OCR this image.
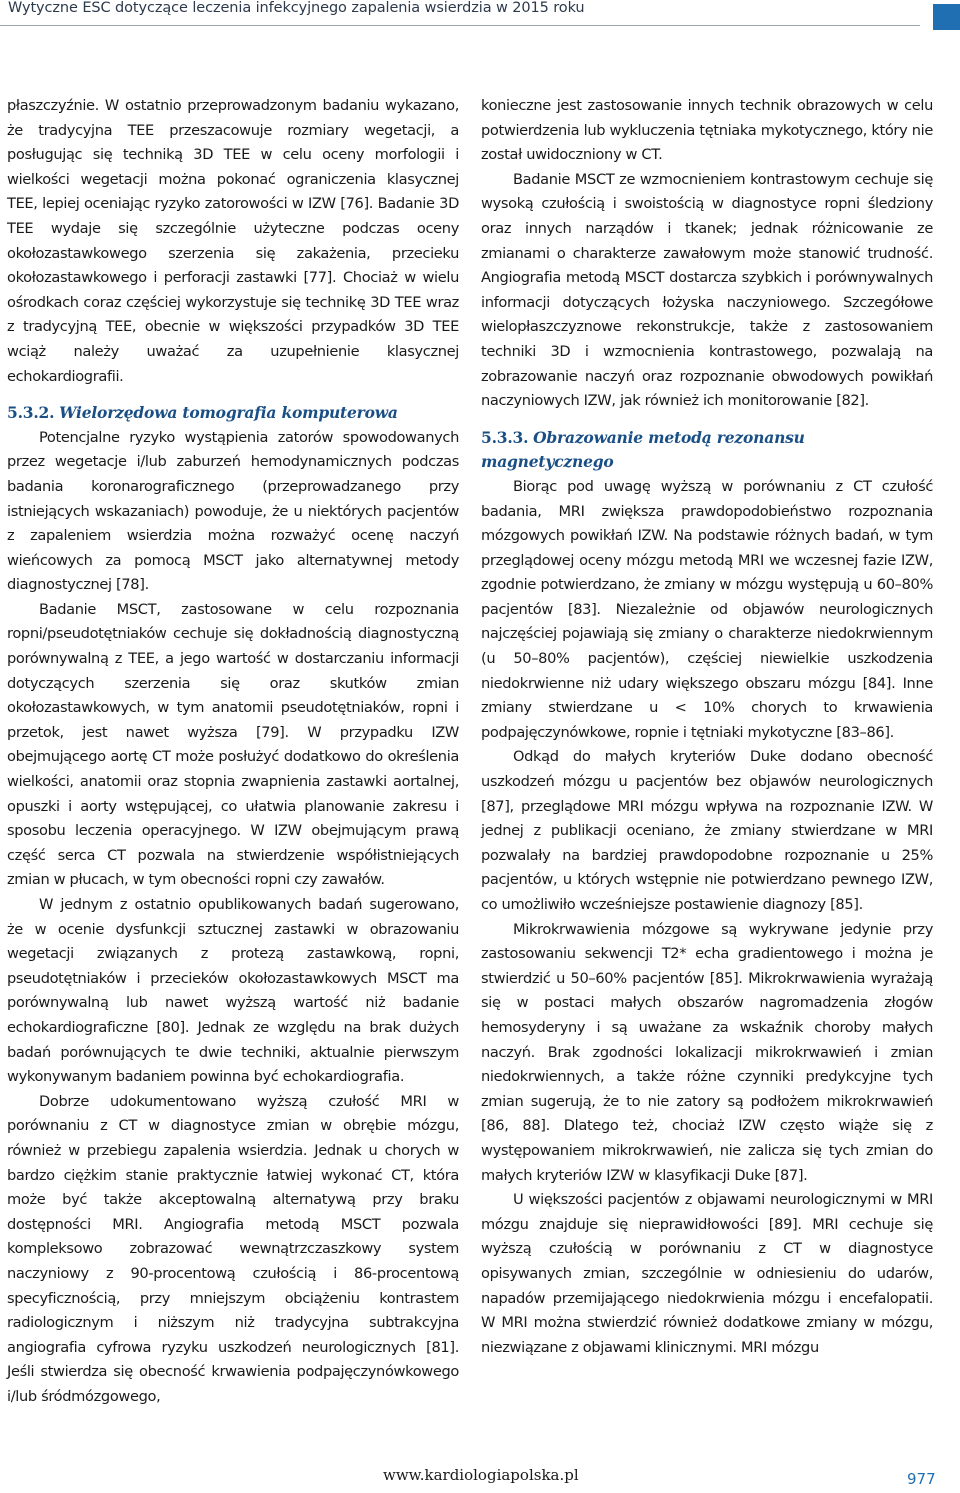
Wytyczne ESC dotyczące leczenia infekcyjnego zapalenia wsierdzia w 2015 roku

płaszczyźnie. W ostatnio przeprowadzonym badaniu wykazano, że tradycyjna TEE przeszacowuje rozmiary wegetacji, a posługując się techniką 3D TEE w celu oceny morfologii i wielkości wegetacji można pokonać ograniczenia klasycznej TEE, lepiej oceniając ryzyko zatorowości w IZW [76]. Badanie 3D TEE wydaje się szczególnie użyteczne podczas oceny okołozastawkowego szerzenia się zakażenia, przecieku okołozastawkowego i perforacji zastawki [77]. Chociaż w wielu ośrodkach coraz częściej wykorzystuje się technikę 3D TEE wraz z tradycyjną TEE, obecnie w większości przypadków 3D TEE wciąż należy uważać za uzupełnienie klasycznej echokardiografii.

5.3.2. Wielorzędowa tomografia komputerowa

Potencjalne ryzyko wystąpienia zatorów spowodowanych przez wegetacje i/lub zaburzeń hemodynamicznych podczas badania koronarograficznego (przeprowadzanego przy istniejących wskazaniach) powoduje, że u niektórych pacjentów z zapaleniem wsierdzia można rozważyć ocenę naczyń wieńcowych za pomocą MSCT jako alternatywnej metody diagnostycznej [78].

Badanie MSCT, zastosowane w celu rozpoznania ropni/pseudotętniaków cechuje się dokładnością diagnostyczną porównywalną z TEE, a jego wartość w dostarczaniu informacji dotyczących szerzenia się oraz skutków zmian okołozastawkowych, w tym anatomii pseudotętniaków, ropni i przetok, jest nawet wyższa [79]. W przypadku IZW obejmującego aortę CT może posłużyć dodatkowo do określenia wielkości, anatomii oraz stopnia zwapnienia zastawki aortalnej, opuszki i aorty wstępującej, co ułatwia planowanie zakresu i sposobu leczenia operacyjnego. W IZW obejmującym prawą część serca CT pozwala na stwierdzenie współistniejących zmian w płucach, w tym obecności ropni czy zawałów.

W jednym z ostatnio opublikowanych badań sugerowano, że w ocenie dysfunkcji sztucznej zastawki w obrazowaniu wegetacji związanych z protezą zastawkową, ropni, pseudotętniaków i przecieków okołozastawkowych MSCT ma porównywalną lub nawet wyższą wartość niż badanie echokardiograficzne [80]. Jednak ze względu na brak dużych badań porównujących te dwie techniki, aktualnie pierwszym wykonywanym badaniem powinna być echokardiografia.

Dobrze udokumentowano wyższą czułość MRI w porównaniu z CT w diagnostyce zmian w obrębie mózgu, również w przebiegu zapalenia wsierdzia. Jednak u chorych w bardzo ciężkim stanie praktycznie łatwiej wykonać CT, która może być także akceptowalną alternatywą przy braku dostępności MRI. Angiografia metodą MSCT pozwala kompleksowo zobrazować wewnątrzczaszkowy system naczyniowy z 90-procentową czułością i 86-procentową specyficznością, przy mniejszym obciążeniu kontrastem radiologicznym i niższym niż tradycyjna subtrakcyjna angiografia cyfrowa ryzyku uszkodzeń neurologicznych [81]. Jeśli stwierdza się obecność krwawienia podpajęczynówkowego i/lub śródmózgowego,

konieczne jest zastosowanie innych technik obrazowych w celu potwierdzenia lub wykluczenia tętniaka mykotycznego, który nie został uwidoczniony w CT.

Badanie MSCT ze wzmocnieniem kontrastowym cechuje się wysoką czułością i swoistością w diagnostyce ropni śledziony oraz innych narządów i tkanek; jednak różnicowanie ze zmianami o charakterze zawałowym może stanowić trudność. Angiografia metodą MSCT dostarcza szybkich i porównywalnych informacji dotyczących łożyska naczyniowego. Szczegółowe wielopłaszczyznowe rekonstrukcje, także z zastosowaniem techniki 3D i wzmocnienia kontrastowego, pozwalają na zobrazowanie naczyń oraz rozpoznanie obwodowych powikłań naczyniowych IZW, jak również ich monitorowanie [82].

5.3.3. Obrazowanie metodą rezonansu magnetycznego

Biorąc pod uwagę wyższą w porównaniu z CT czułość badania, MRI zwiększa prawdopodobieństwo rozpoznania mózgowych powikłań IZW. Na podstawie różnych badań, w tym przeglądowej oceny mózgu metodą MRI we wczesnej fazie IZW, zgodnie potwierdzano, że zmiany w mózgu występują u 60–80% pacjentów [83]. Niezależnie od objawów neurologicznych najczęściej pojawiają się zmiany o charakterze niedokrwiennym (u 50–80% pacjentów), częściej niewielkie uszkodzenia niedokrwienne niż udary większego obszaru mózgu [84]. Inne zmiany stwierdzane u < 10% chorych to krwawienia podpajęczynówkowe, ropnie i tętniaki mykotyczne [83–86].

Odkąd do małych kryteriów Duke dodano obecność uszkodzeń mózgu u pacjentów bez objawów neurologicznych [87], przeglądowe MRI mózgu wpływa na rozpoznanie IZW. W jednej z publikacji oceniano, że zmiany stwierdzane w MRI pozwalały na bardziej prawdopodobne rozpoznanie u 25% pacjentów, u których wstępnie nie potwierdzano pewnego IZW, co umożliwiło wcześniejsze postawienie diagnozy [85].

Mikrokrwawienia mózgowe są wykrywane jedynie przy zastosowaniu sekwencji T2* echa gradientowego i można je stwierdzić u 50–60% pacjentów [85]. Mikrokrwawienia wyrażają się w postaci małych obszarów nagromadzenia złogów hemosyderyny i są uważane za wskaźnik choroby małych naczyń. Brak zgodności lokalizacji mikrokrwawień i zmian niedokrwiennych, a także różne czynniki predykcyjne tych zmian sugerują, że to nie zatory są podłożem mikrokrwawień [86, 88]. Dlatego też, chociaż IZW często wiąże się z występowaniem mikrokrwawień, nie zalicza się tych zmian do małych kryteriów IZW w klasyfikacji Duke [87].

U większości pacjentów z objawami neurologicznymi w MRI mózgu znajduje się nieprawidłowości [89]. MRI cechuje się wyższą czułością w porównaniu z CT w diagnostyce opisywanych zmian, szczególnie w odniesieniu do udarów, napadów przemijającego niedokrwienia mózgu i encefalopatii. W MRI można stwierdzić również dodatkowe zmiany w mózgu, niezwiązane z objawami klinicznymi. MRI mózgu

www.kardiologiapolska.pl	977
